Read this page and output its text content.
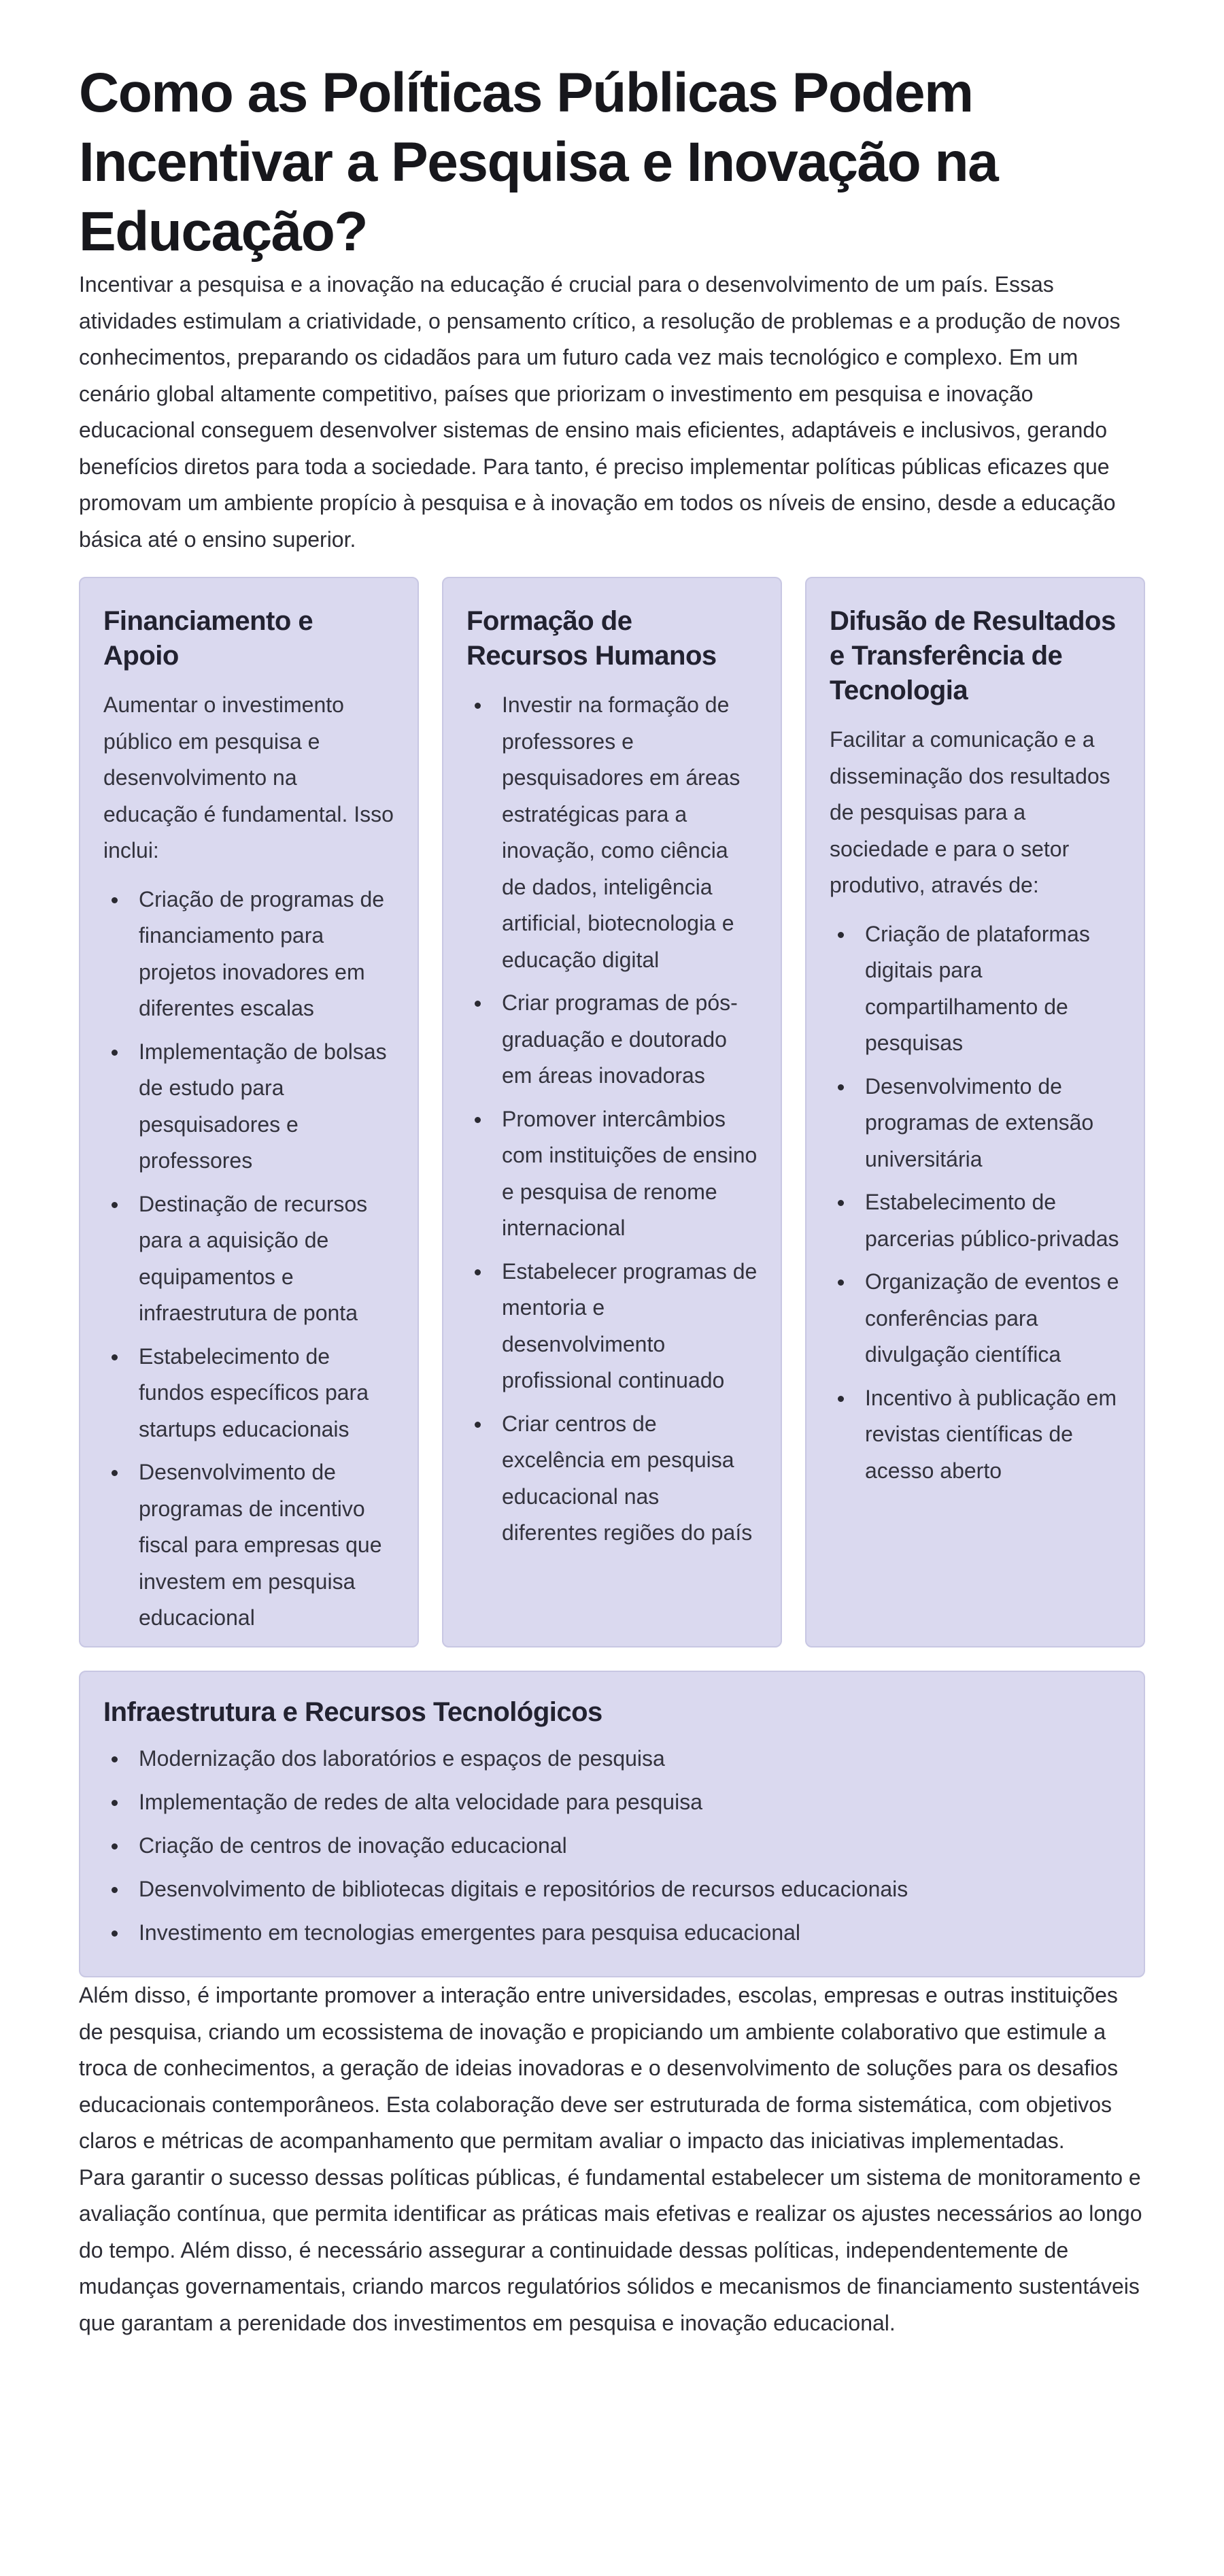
Como as Políticas Públicas Podem Incentivar a Pesquisa e Inovação na Educação?

Incentivar a pesquisa e a inovação na educação é crucial para o desenvolvimento de um país. Essas atividades estimulam a criatividade, o pensamento crítico, a resolução de problemas e a produção de novos conhecimentos, preparando os cidadãos para um futuro cada vez mais tecnológico e complexo. Em um cenário global altamente competitivo, países que priorizam o investimento em pesquisa e inovação educacional conseguem desenvolver sistemas de ensino mais eficientes, adaptáveis e inclusivos, gerando benefícios diretos para toda a sociedade. Para tanto, é preciso implementar políticas públicas eficazes que promovam um ambiente propício à pesquisa e à inovação em todos os níveis de ensino, desde a educação básica até o ensino superior.

Financiamento e Apoio

Aumentar o investimento público em pesquisa e desenvolvimento na educação é fundamental. Isso inclui:

Criação de programas de financiamento para projetos inovadores em diferentes escalas
Implementação de bolsas de estudo para pesquisadores e professores
Destinação de recursos para a aquisição de equipamentos e infraestrutura de ponta
Estabelecimento de fundos específicos para startups educacionais
Desenvolvimento de programas de incentivo fiscal para empresas que investem em pesquisa educacional
Formação de Recursos Humanos
Investir na formação de professores e pesquisadores em áreas estratégicas para a inovação, como ciência de dados, inteligência artificial, biotecnologia e educação digital
Criar programas de pós-graduação e doutorado em áreas inovadoras
Promover intercâmbios com instituições de ensino e pesquisa de renome internacional
Estabelecer programas de mentoria e desenvolvimento profissional continuado
Criar centros de excelência em pesquisa educacional nas diferentes regiões do país
Difusão de Resultados e Transferência de Tecnologia

Facilitar a comunicação e a disseminação dos resultados de pesquisas para a sociedade e para o setor produtivo, através de:

Criação de plataformas digitais para compartilhamento de pesquisas
Desenvolvimento de programas de extensão universitária
Estabelecimento de parcerias público-privadas
Organização de eventos e conferências para divulgação científica
Incentivo à publicação em revistas científicas de acesso aberto
Infraestrutura e Recursos Tecnológicos
Modernização dos laboratórios e espaços de pesquisa
Implementação de redes de alta velocidade para pesquisa
Criação de centros de inovação educacional
Desenvolvimento de bibliotecas digitais e repositórios de recursos educacionais
Investimento em tecnologias emergentes para pesquisa educacional

Além disso, é importante promover a interação entre universidades, escolas, empresas e outras instituições de pesquisa, criando um ecossistema de inovação e propiciando um ambiente colaborativo que estimule a troca de conhecimentos, a geração de ideias inovadoras e o desenvolvimento de soluções para os desafios educacionais contemporâneos. Esta colaboração deve ser estruturada de forma sistemática, com objetivos claros e métricas de acompanhamento que permitam avaliar o impacto das iniciativas implementadas.

Para garantir o sucesso dessas políticas públicas, é fundamental estabelecer um sistema de monitoramento e avaliação contínua, que permita identificar as práticas mais efetivas e realizar os ajustes necessários ao longo do tempo. Além disso, é necessário assegurar a continuidade dessas políticas, independentemente de mudanças governamentais, criando marcos regulatórios sólidos e mecanismos de financiamento sustentáveis que garantam a perenidade dos investimentos em pesquisa e inovação educacional.
